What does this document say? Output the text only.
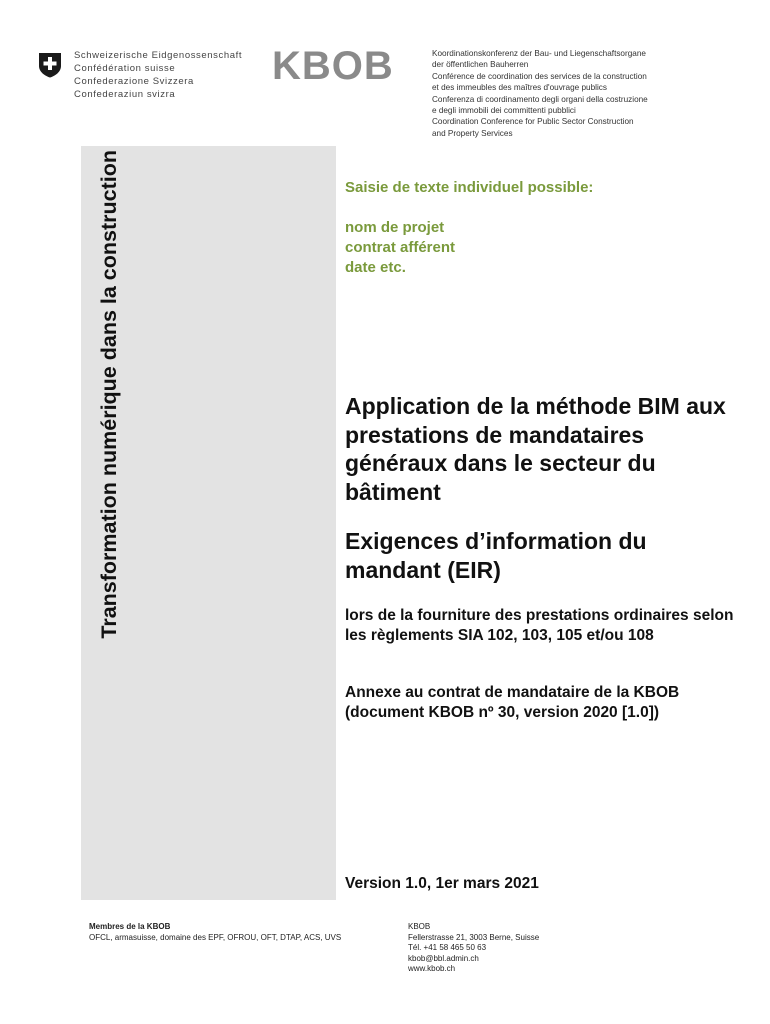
Schweizerische Eidgenossenschaft
Confédération suisse
Confederazione Svizzera
Confederaziun svizra
KBOB	Koordinationskonferenz der Bau- und Liegenschaftsorgane
der öffentlichen Bauherren
Conférence de coordination des services de la construction
et des immeubles des maîtres d'ouvrage publics
Conferenza di coordinamento degli organi della costruzione
e degli immobili dei committenti pubblici
Coordination Conference for Public Sector Construction
and Property Services
Transformation numérique dans la construction	Saisie de texte individuel possible:
nom de projet
contrat afférent
date etc.
Application de la méthode BIM aux prestations de mandataires généraux dans le secteur du bâtiment
Exigences d’information du mandant (EIR)
lors de la fourniture des prestations ordinaires selon les règlements SIA 102, 103, 105 et/ou 108
Annexe au contrat de mandataire de la KBOB (document KBOB nº 30, version 2020 [1.0])
Version 1.0, 1er mars 2021
Membres de la KBOB
OFCL, armasuisse, domaine des EPF, OFROU, OFT, DTAP, ACS, UVS
KBOB
Fellerstrasse 21, 3003 Berne, Suisse
Tél. +41 58 465 50 63
kbob@bbl.admin.ch
www.kbob.ch
